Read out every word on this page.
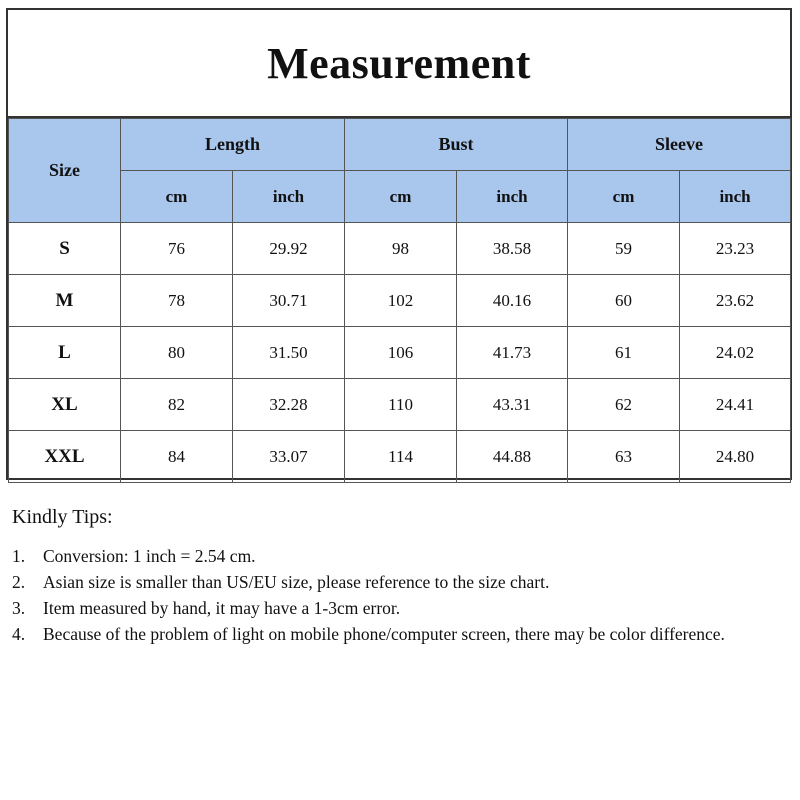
Measurement
Size	Length		Bust		Sleeve	
	cm	inch	cm	inch	cm	inch
S	76	29.92	98	38.58	59	23.23
M	78	30.71	102	40.16	60	23.62
L	80	31.50	106	41.73	61	24.02
XL	82	32.28	110	43.31	62	24.41
XXL	84	33.07	114	44.88	63	24.80
Kindly Tips:
1.	Conversion: 1 inch = 2.54 cm.
2.	Asian size is smaller than US/EU size, please reference to the size chart.
3.	Item measured by hand, it may have a 1-3cm error.
4.	Because of the problem of light on mobile phone/computer screen, there may be color difference.
